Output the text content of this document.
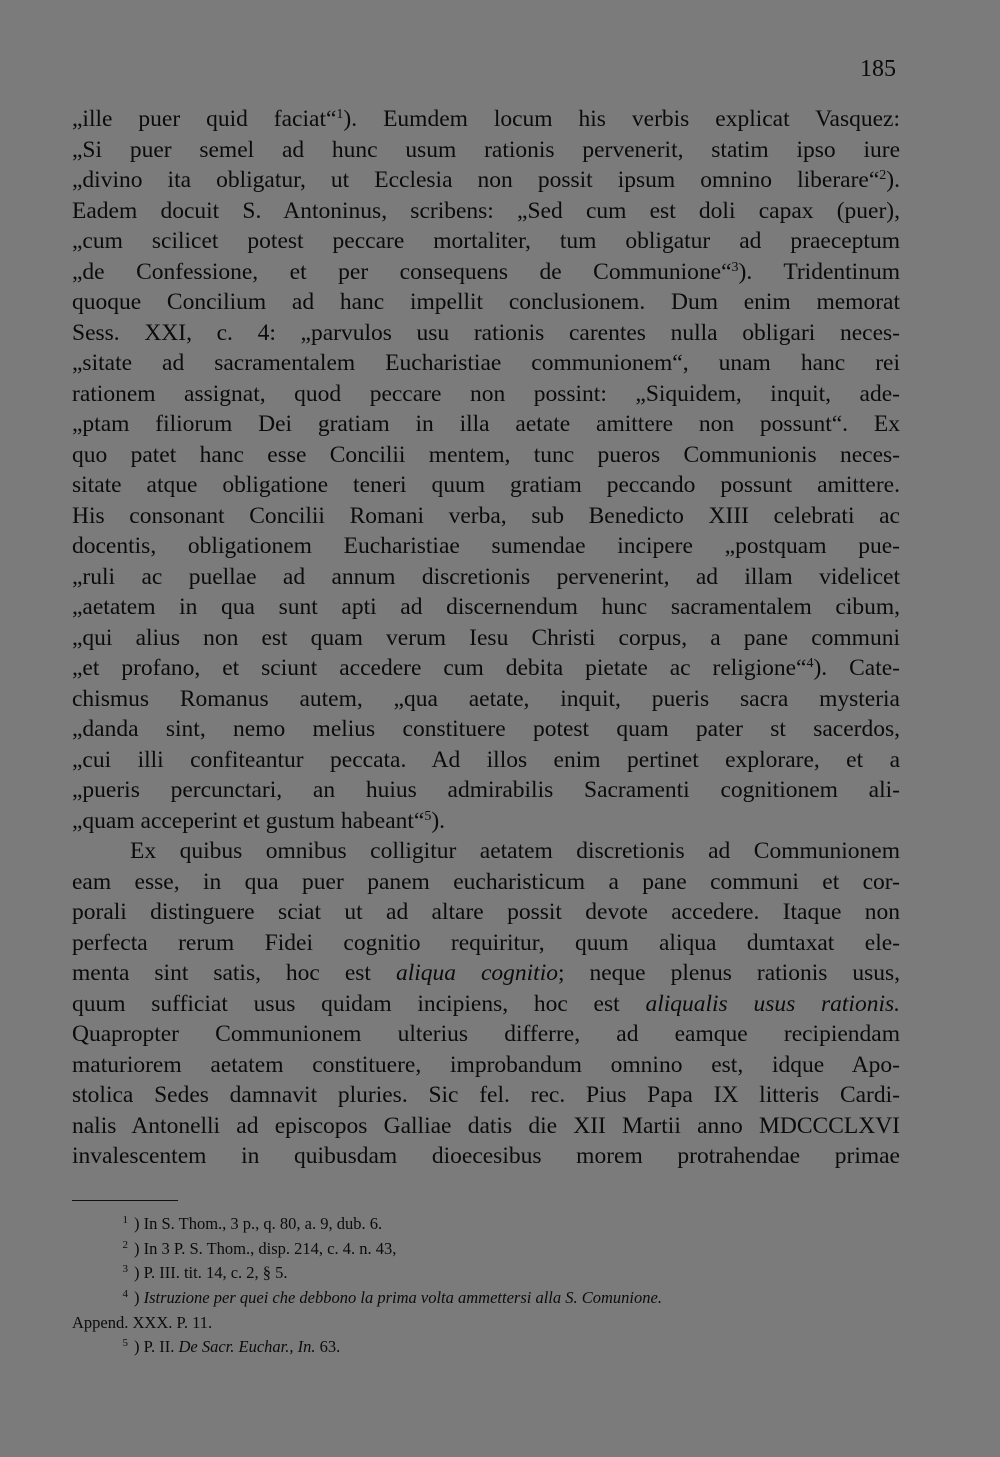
185
„ille puer quid faciat“$^1$). Eumdem locum his verbis explicat Vasquez:
„Si puer semel ad hunc usum rationis pervenerit, statim ipso iure
„divino ita obligatur, ut Ecclesia non possit ipsum omnino liberare“$^2$).
Eadem docuit S. Antoninus, scribens: „Sed cum est doli capax (puer),
„cum scilicet potest peccare mortaliter, tum obligatur ad praeceptum
„de Confessione, et per consequens de Communione“$^3$). Tridentinum
quoque Concilium ad hanc impellit conclusionem. Dum enim memorat
Sess. XXI, c. 4: „parvulos usu rationis carentes nulla obligari neces-
„sitate ad sacramentalem Eucharistiae communionem“, unam hanc rei
rationem assignat, quod peccare non possint: „Siquidem, inquit, ade-
„ptam filiorum Dei gratiam in illa aetate amittere non possunt“. Ex
quo patet hanc esse Concilii mentem, tunc pueros Communionis neces-
sitate atque obligatione teneri quum gratiam peccando possunt amittere.
His consonant Concilii Romani verba, sub Benedicto XIII celebrati ac
docentis, obligationem Eucharistiae sumendae incipere „postquam pue-
„ruli ac puellae ad annum discretionis pervenerint, ad illam videlicet
„aetatem in qua sunt apti ad discernendum hunc sacramentalem cibum,
„qui alius non est quam verum Iesu Christi corpus, a pane communi
„et profano, et sciunt accedere cum debita pietate ac religione“$^4$). Cate-
chismus Romanus autem, „qua aetate, inquit, pueris sacra mysteria
„danda sint, nemo melius constituere potest quam pater st sacerdos,
„cui illi confiteantur peccata. Ad illos enim pertinet explorare, et a
„pueris percunctari, an huius admirabilis Sacramenti cognitionem ali-
„quam acceperint et gustum habeant“$^5$).
Ex quibus omnibus colligitur aetatem discretionis ad Communionem
eam esse, in qua puer panem eucharisticum a pane communi et cor-
porali distinguere sciat ut ad altare possit devote accedere. Itaque non
perfecta rerum Fidei cognitio requiritur, quum aliqua dumtaxat ele-
menta sint satis, hoc est aliqua cognitio; neque plenus rationis usus,
quum sufficiat usus quidam incipiens, hoc est aliqualis usus rationis.
Quapropter Communionem ulterius differre, ad eamque recipiendam
maturiorem aetatem constituere, improbandum omnino est, idque Apo-
stolica Sedes damnavit pluries. Sic fel. rec. Pius Papa IX litteris Cardi-
nalis Antonelli ad episcopos Galliae datis die XII Martii anno MDCCCLXVI
invalescentem in quibusdam dioecesibus morem protrahendae primae
$^1$ ) In S. Thom., 3 p., q. 80, a. 9, dub. 6.
$^2$ ) In 3 P. S. Thom., disp. 214, c. 4. n. 43,
$^3$ ) P. III. tit. 14, c. 2, § 5.
$^4$ ) Istruzione per quei che debbono la prima volta ammettersi alla S. Comunione.
Append. XXX. P. 11.
$^5$ ) P. II. De Sacr. Euchar., In. 63.
